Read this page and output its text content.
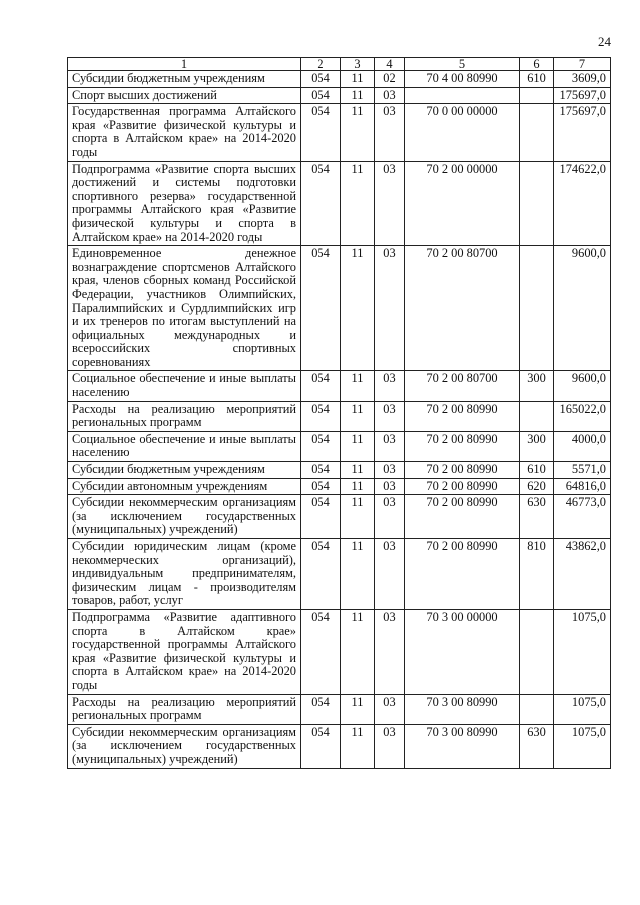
24
1	2	3	4	5	6	7
Субсидии бюджетным учреждениям	054	11	02	70 4 00 80990	610	3609,0
Спорт высших достижений	054	11	03			175697,0
Государственная программа Алтайского края «Развитие физической культуры и спорта в Алтайском крае» на 2014-2020 годы	054	11	03	70 0 00 00000		175697,0
Подпрограмма «Развитие спорта высших достижений и системы подготовки спортивного резерва» государственной программы Алтайского края «Развитие физической культуры и спорта в Алтайском крае» на 2014-2020 годы	054	11	03	70 2 00 00000		174622,0
Единовременное денежное вознаграждение спортсменов Алтайского края, членов сборных команд Российской Федерации, участников Олимпийских, Паралимпийских и Сурдлимпийских игр и их тренеров по итогам выступлений на официальных международных и всероссийских спортивных соревнованиях	054	11	03	70 2 00 80700		9600,0
Социальное обеспечение и иные выплаты населению	054	11	03	70 2 00 80700	300	9600,0
Расходы на реализацию мероприятий региональных программ	054	11	03	70 2 00 80990		165022,0
Социальное обеспечение и иные выплаты населению	054	11	03	70 2 00 80990	300	4000,0
Субсидии бюджетным учреждениям	054	11	03	70 2 00 80990	610	5571,0
Субсидии автономным учреждениям	054	11	03	70 2 00 80990	620	64816,0
Субсидии некоммерческим организациям (за исключением государственных (муниципальных) учреждений)	054	11	03	70 2 00 80990	630	46773,0
Субсидии юридическим лицам (кроме некоммерческих организаций), индивидуальным предпринимателям, физическим лицам - производителям товаров, работ, услуг	054	11	03	70 2 00 80990	810	43862,0
Подпрограмма «Развитие адаптивного спорта в Алтайском крае» государственной программы Алтайского края «Развитие физической культуры и спорта в Алтайском крае» на 2014-2020 годы	054	11	03	70 3 00 00000		1075,0
Расходы на реализацию мероприятий региональных программ	054	11	03	70 3 00 80990		1075,0
Субсидии некоммерческим организациям (за исключением государственных (муниципальных) учреждений)	054	11	03	70 3 00 80990	630	1075,0
